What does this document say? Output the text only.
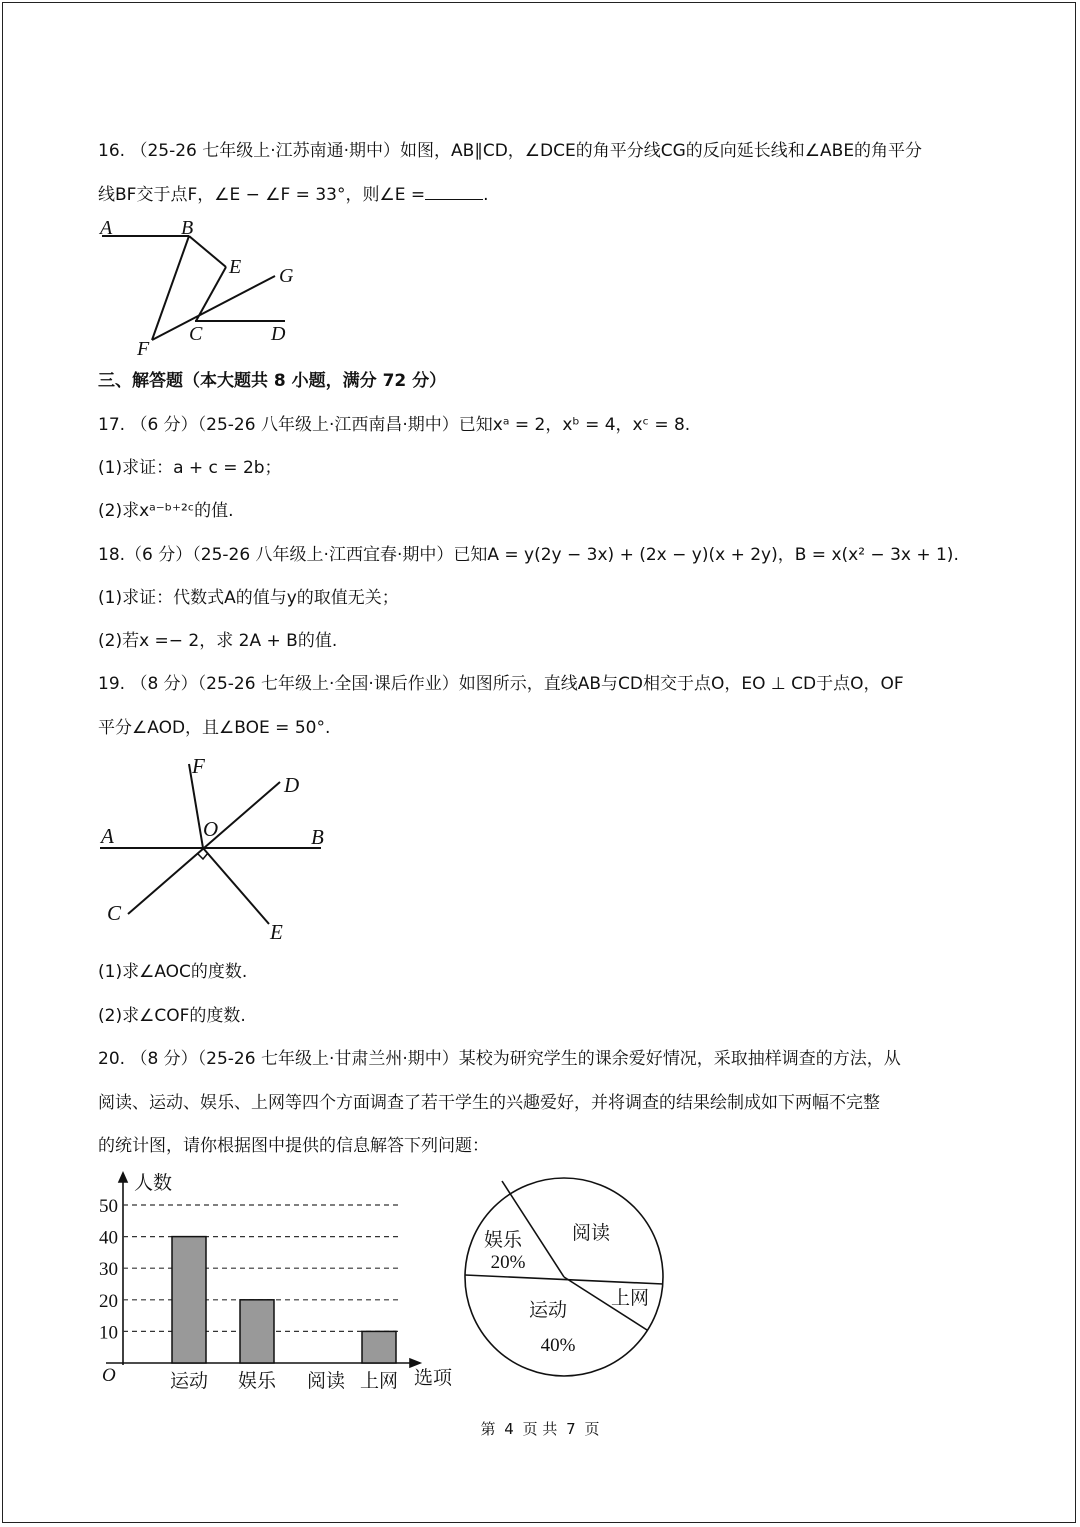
16. （25-26 七年级上·江苏南通·期中）如图，AB∥CD，∠DCE的角平分线CG的反向延长线和∠ABE的角平分
线BF交于点F，∠E − ∠F = 33°，则∠E =	.
A	B
E G
C	D
F
三、解答题（本大题共 8 小题，满分 72 分）
17. （6 分）（25-26 八年级上·江西南昌·期中）已知xᵃ = 2，xᵇ = 4，xᶜ = 8.
(1)求证：a + c = 2b；
(2)求xᵃ⁻ᵇ⁺²ᶜ的值.
18.（6 分）（25-26 八年级上·江西宜春·期中）已知A = y(2y − 3x) + (2x − y)(x + 2y)，B = x(x² − 3x + 1).
(1)求证：代数式A的值与y的取值无关；
(2)若x =− 2，求 2A + B的值.
19. （8 分）（25-26 七年级上·全国·课后作业）如图所示，直线AB与CD相交于点O，EO ⊥ CD于点O，OF
平分∠AOD，且∠BOE = 50°.
F
D
A	O	B
C
E
(1)求∠AOC的度数.
(2)求∠COF的度数.
20. （8 分）（25-26 七年级上·甘肃兰州·期中）某校为研究学生的课余爱好情况，采取抽样调查的方法，从
阅读、运动、娱乐、上网等四个方面调查了若干学生的兴趣爱好，并将调查的结果绘制成如下两幅不完整
的统计图，请你根据图中提供的信息解答下列问题：
10
20
30
40
50
运动 娱乐 阅读 上网
人数
选项
O
阅读
娱乐
20%
运动
40%
上网
第 4 页 共 7 页
